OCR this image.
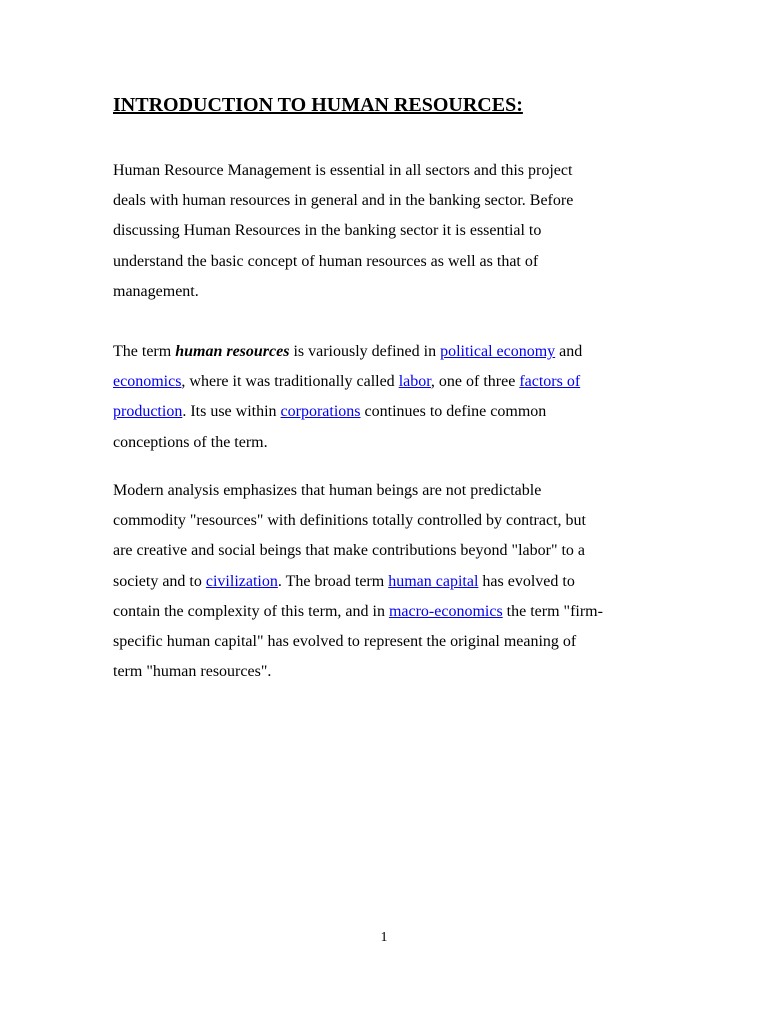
INTRODUCTION TO HUMAN RESOURCES:

Human Resource Management is essential in all sectors and this project
deals with human resources in general and in the banking sector. Before
discussing Human Resources in the banking sector it is essential to
understand the basic concept of human resources as well as that of
management.

The term human resources is variously defined in political economy and
economics, where it was traditionally called labor, one of three factors of
production. Its use within corporations continues to define common
conceptions of the term.

Modern analysis emphasizes that human beings are not predictable
commodity "resources" with definitions totally controlled by contract, but
are creative and social beings that make contributions beyond "labor" to a
society and to civilization. The broad term human capital has evolved to
contain the complexity of this term, and in macro-economics the term "firm-
specific human capital" has evolved to represent the original meaning of
term "human resources".

1
